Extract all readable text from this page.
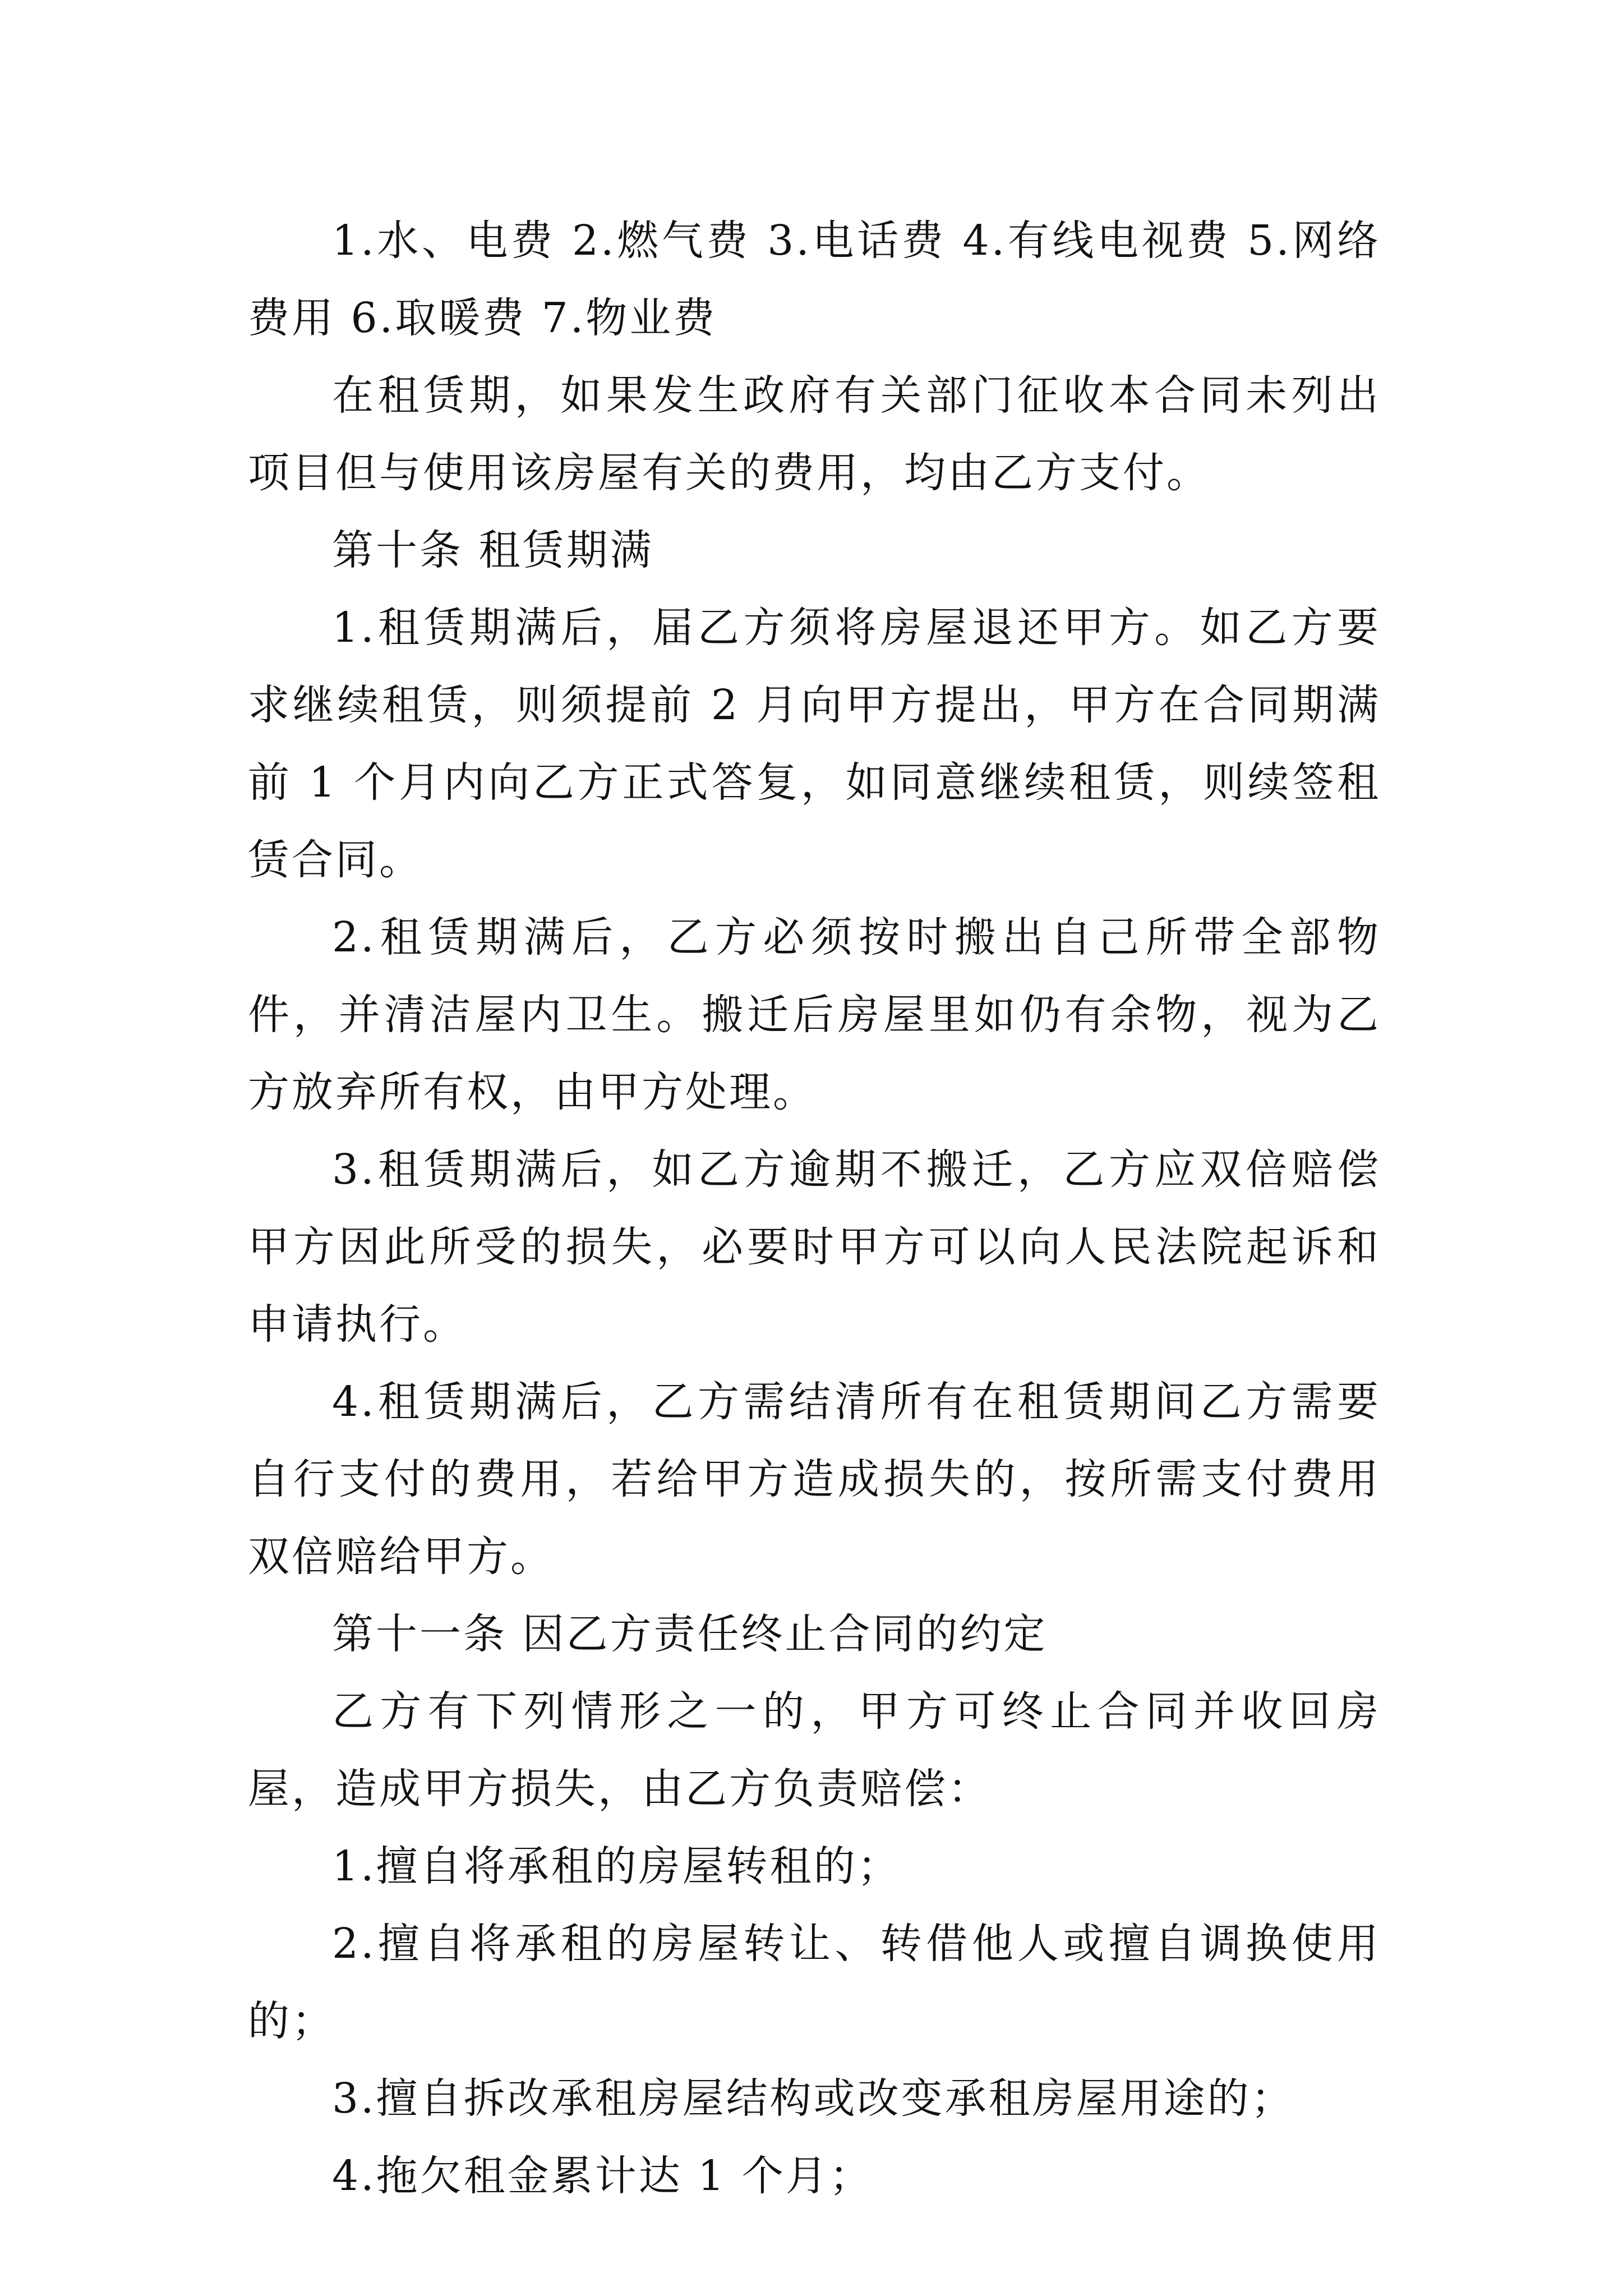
1.水、电费 2.燃气费 3.电话费 4.有线电视费 5.网络费用 6.取暖费 7.物业费

在租赁期，如果发生政府有关部门征收本合同未列出项目但与使用该房屋有关的费用，均由乙方支付。

第十条 租赁期满

1.租赁期满后，届乙方须将房屋退还甲方。如乙方要求继续租赁，则须提前 2 月向甲方提出，甲方在合同期满前 1 个月内向乙方正式答复，如同意继续租赁，则续签租赁合同。

2.租赁期满后，乙方必须按时搬出自己所带全部物件，并清洁屋内卫生。搬迁后房屋里如仍有余物，视为乙方放弃所有权，由甲方处理。

3.租赁期满后，如乙方逾期不搬迁，乙方应双倍赔偿甲方因此所受的损失，必要时甲方可以向人民法院起诉和申请执行。

4.租赁期满后，乙方需结清所有在租赁期间乙方需要自行支付的费用，若给甲方造成损失的，按所需支付费用双倍赔给甲方。

第十一条 因乙方责任终止合同的约定

乙方有下列情形之一的，甲方可终止合同并收回房屋，造成甲方损失，由乙方负责赔偿：

1.擅自将承租的房屋转租的；

2.擅自将承租的房屋转让、转借他人或擅自调换使用的；

3.擅自拆改承租房屋结构或改变承租房屋用途的；

4.拖欠租金累计达 1 个月；
